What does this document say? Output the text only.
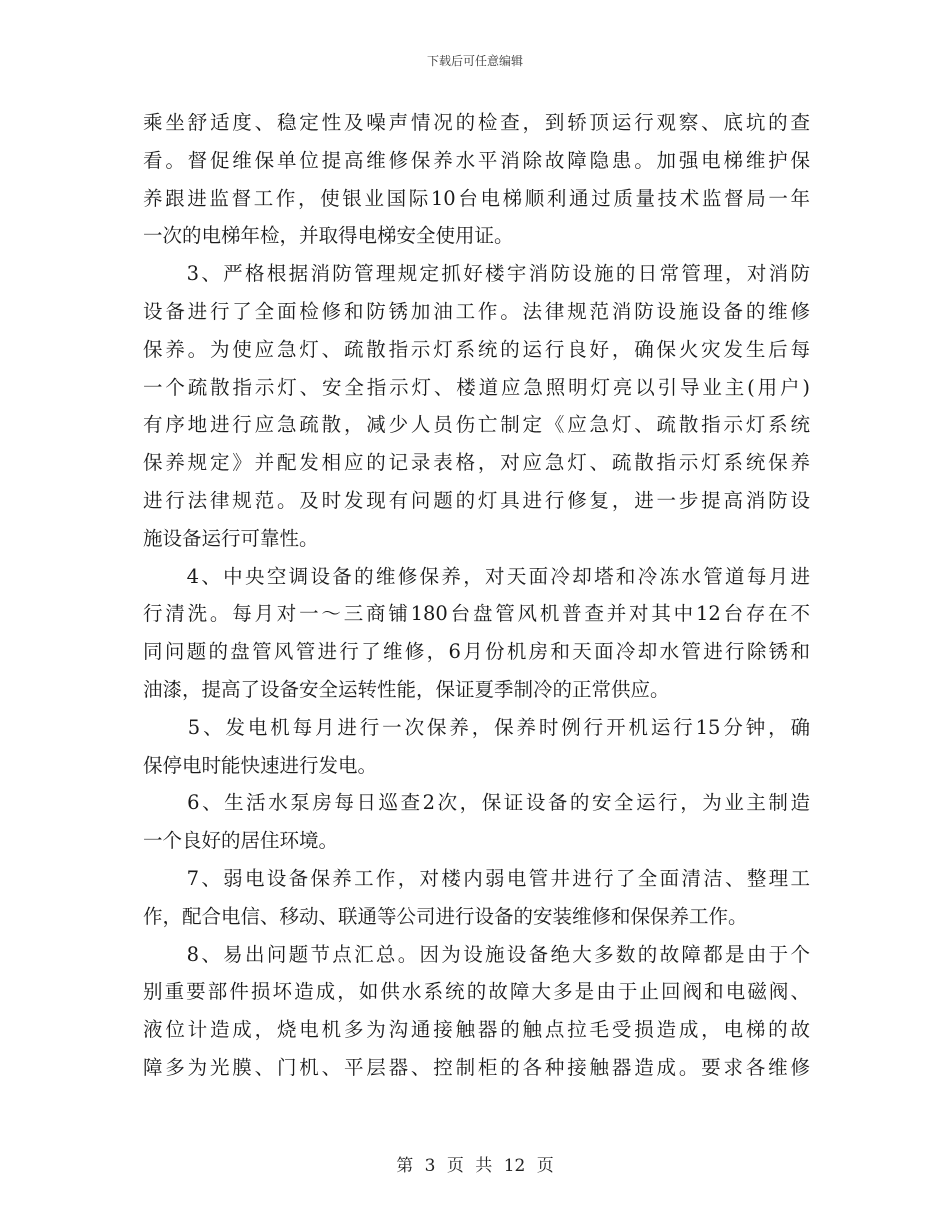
下载后可任意编辑
乘坐舒适度、稳定性及噪声情况的检查，到轿顶运行观察、底坑的查
看。督促维保单位提高维修保养水平消除故障隐患。加强电梯维护保
养跟进监督工作，使银业国际10台电梯顺利通过质量技术监督局一年
一次的电梯年检，并取得电梯安全使用证。
　　3、严格根据消防管理规定抓好楼宇消防设施的日常管理，对消防
设备进行了全面检修和防锈加油工作。法律规范消防设施设备的维修
保养。为使应急灯、疏散指示灯系统的运行良好，确保火灾发生后每
一个疏散指示灯、安全指示灯、楼道应急照明灯亮以引导业主(用户)
有序地进行应急疏散，减少人员伤亡制定《应急灯、疏散指示灯系统
保养规定》并配发相应的记录表格，对应急灯、疏散指示灯系统保养
进行法律规范。及时发现有问题的灯具进行修复，进一步提高消防设
施设备运行可靠性。
　　4、中央空调设备的维修保养，对天面冷却塔和冷冻水管道每月进
行清洗。每月对一～三商铺180台盘管风机普查并对其中12台存在不
同问题的盘管风管进行了维修，6月份机房和天面冷却水管进行除锈和
油漆，提高了设备安全运转性能，保证夏季制冷的正常供应。
　　5、发电机每月进行一次保养，保养时例行开机运行15分钟，确
保停电时能快速进行发电。
　　6、生活水泵房每日巡查2次，保证设备的安全运行，为业主制造
一个良好的居住环境。
　　7、弱电设备保养工作，对楼内弱电管井进行了全面清洁、整理工
作，配合电信、移动、联通等公司进行设备的安装维修和保保养工作。
　　8、易出问题节点汇总。因为设施设备绝大多数的故障都是由于个
别重要部件损坏造成，如供水系统的故障大多是由于止回阀和电磁阀、
液位计造成，烧电机多为沟通接触器的触点拉毛受损造成，电梯的故
障多为光膜、门机、平层器、控制柜的各种接触器造成。要求各维修
第 3 页 共 12 页
